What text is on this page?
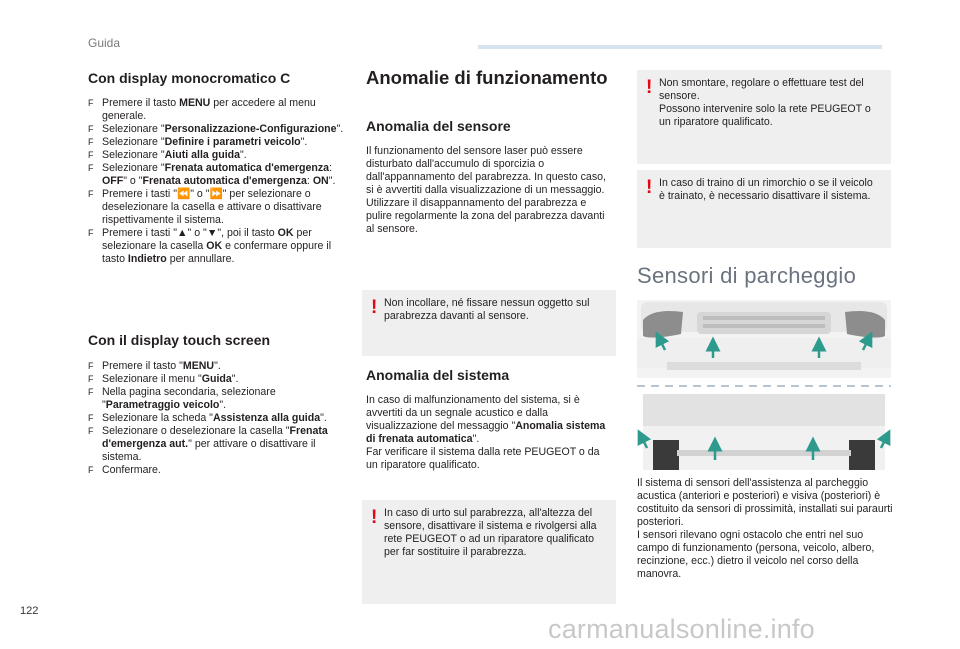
Guida
Con display monocromatico C
F Premere il tasto MENU per accedere al menu generale.
F Selezionare "Personalizzazione-Configurazione".
F Selezionare "Definire i parametri veicolo".
F Selezionare "Aiuti alla guida".
F Selezionare "Frenata automatica d'emergenza: OFF" o "Frenata automatica d'emergenza: ON".
F Premere i tasti "⏪" o "⏩" per selezionare o deselezionare la casella e attivare o disattivare rispettivamente il sistema.
F Premere i tasti "▲" o "▼", poi il tasto OK per selezionare la casella OK e confermare oppure il tasto Indietro per annullare.
Con il display touch screen
F Premere il tasto "MENU".
F Selezionare il menu "Guida".
F Nella pagina secondaria, selezionare "Parametraggio veicolo".
F Selezionare la scheda "Assistenza alla guida".
F Selezionare o deselezionare la casella "Frenata d'emergenza aut." per attivare o disattivare il sistema.
F Confermare.
Anomalie di funzionamento
Anomalia del sensore

Il funzionamento del sensore laser può essere disturbato dall'accumulo di sporcizia o dall'appannamento del parabrezza. In questo caso, si è avvertiti dalla visualizzazione di un messaggio.
Utilizzare il disappannamento del parabrezza e pulire regolarmente la zona del parabrezza davanti al sensore.

! Non incollare, né fissare nessun oggetto sul parabrezza davanti al sensore.
Anomalia del sistema

In caso di malfunzionamento del sistema, si è avvertiti da un segnale acustico e dalla visualizzazione del messaggio "Anomalia sistema di frenata automatica".
Far verificare il sistema dalla rete PEUGEOT o da un riparatore qualificato.

! In caso di urto sul parabrezza, all'altezza del sensore, disattivare il sistema e rivolgersi alla rete PEUGEOT o ad un riparatore qualificato per far sostituire il parabrezza.
! Non smontare, regolare o effettuare test del sensore.
Possono intervenire solo la rete PEUGEOT o un riparatore qualificato.
! In caso di traino di un rimorchio o se il veicolo è trainato, è necessario disattivare il sistema.
Sensori di parcheggio

Il sistema di sensori dell'assistenza al parcheggio acustica (anteriori e posteriori) e visiva (posteriori) è costituito da sensori di prossimità, installati sui paraurti posteriori.
I sensori rilevano ogni ostacolo che entri nel suo campo di funzionamento (persona, veicolo, albero, recinzione, ecc.) dietro il veicolo nel corso della manovra.

122
carmanualsonline.info
